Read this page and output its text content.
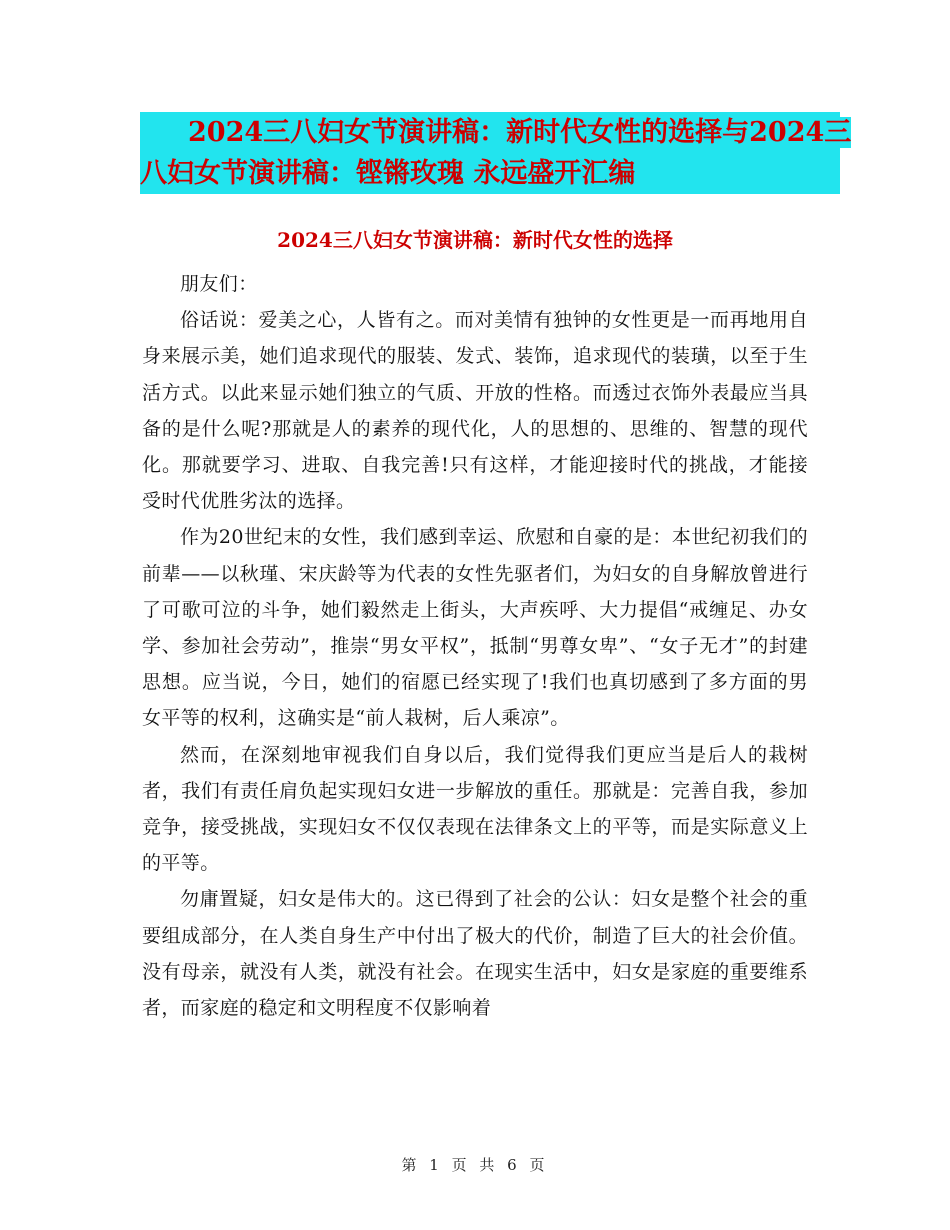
2024三八妇女节演讲稿：新时代女性的选择与2024三
八妇女节演讲稿：铿锵玫瑰 永远盛开汇编
2024三八妇女节演讲稿：新时代女性的选择

朋友们：

俗话说：爱美之心，人皆有之。而对美情有独钟的女性更是一而再地用自身来展示美，她们追求现代的服装、发式、装饰，追求现代的装璜，以至于生活方式。以此来显示她们独立的气质、开放的性格。而透过衣饰外表最应当具备的是什么呢?那就是人的素养的现代化，人的思想的、思维的、智慧的现代化。那就要学习、进取、自我完善!只有这样，才能迎接时代的挑战，才能接受时代优胜劣汰的选择。

作为20世纪末的女性，我们感到幸运、欣慰和自豪的是：本世纪初我们的前辈——以秋瑾、宋庆龄等为代表的女性先驱者们，为妇女的自身解放曾进行了可歌可泣的斗争，她们毅然走上街头，大声疾呼、大力提倡“戒缠足、办女学、参加社会劳动”，推崇“男女平权”，抵制“男尊女卑”、“女子无才”的封建思想。应当说，今日，她们的宿愿已经实现了!我们也真切感到了多方面的男女平等的权利，这确实是“前人栽树，后人乘凉”。

然而，在深刻地审视我们自身以后，我们觉得我们更应当是后人的栽树者，我们有责任肩负起实现妇女进一步解放的重任。那就是：完善自我，参加竞争，接受挑战，实现妇女不仅仅表现在法律条文上的平等，而是实际意义上的平等。

勿庸置疑，妇女是伟大的。这已得到了社会的公认：妇女是整个社会的重要组成部分，在人类自身生产中付出了极大的代价，制造了巨大的社会价值。没有母亲，就没有人类，就没有社会。在现实生活中，妇女是家庭的重要维系者，而家庭的稳定和文明程度不仅影响着

第 1 页 共 6 页
